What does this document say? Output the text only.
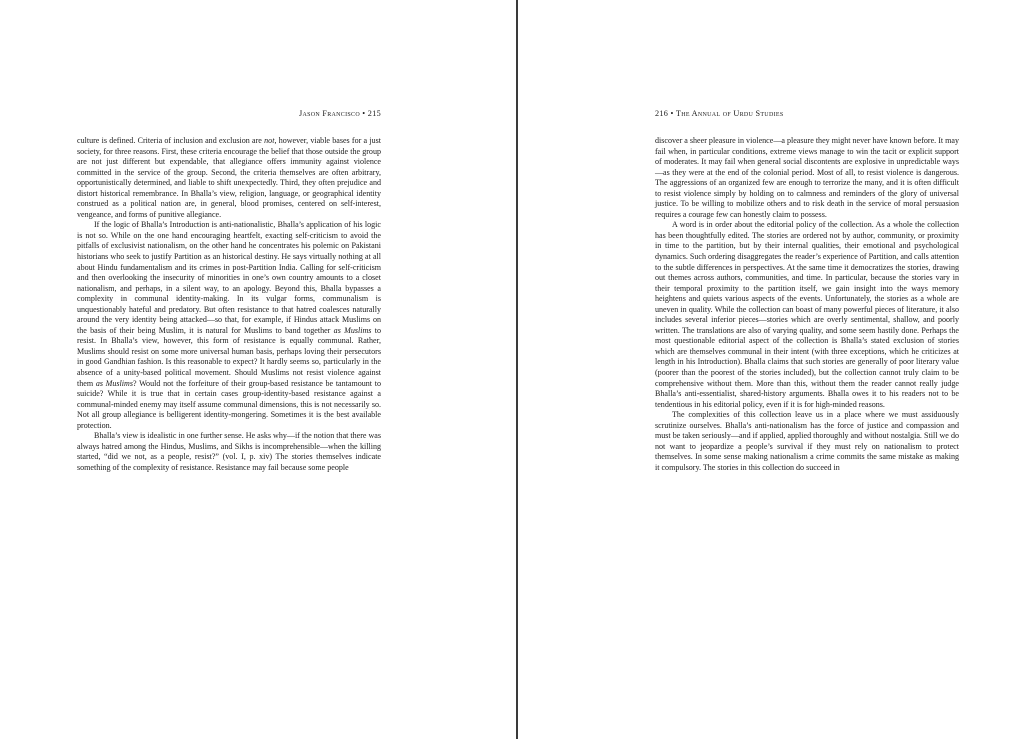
Jason Francisco • 215

culture is defined. Criteria of inclusion and exclusion are not, however, viable bases for a just society, for three reasons. First, these criteria encourage the belief that those outside the group are not just different but expendable, that allegiance offers immunity against violence committed in the service of the group. Second, the criteria themselves are often arbitrary, opportunistically determined, and liable to shift unexpectedly. Third, they often prejudice and distort historical remembrance. In Bhalla’s view, religion, language, or geographical identity construed as a political nation are, in general, blood promises, centered on self-interest, vengeance, and forms of punitive allegiance.

If the logic of Bhalla’s Introduction is anti-nationalistic, Bhalla’s application of his logic is not so. While on the one hand encouraging heartfelt, exacting self-criticism to avoid the pitfalls of exclusivist nationalism, on the other hand he concentrates his polemic on Pakistani historians who seek to justify Partition as an historical destiny. He says virtually nothing at all about Hindu fundamentalism and its crimes in post-Partition India. Calling for self-criticism and then overlooking the insecurity of minorities in one’s own country amounts to a closet nationalism, and perhaps, in a silent way, to an apology. Beyond this, Bhalla bypasses a complexity in communal identity-making. In its vulgar forms, communalism is unquestionably hateful and predatory. But often resistance to that hatred coalesces naturally around the very identity being attacked—so that, for example, if Hindus attack Muslims on the basis of their being Muslim, it is natural for Muslims to band together as Muslims to resist. In Bhalla’s view, however, this form of resistance is equally communal. Rather, Muslims should resist on some more universal human basis, perhaps loving their persecutors in good Gandhian fashion. Is this reasonable to expect? It hardly seems so, particularly in the absence of a unity-based political movement. Should Muslims not resist violence against them as Muslims? Would not the forfeiture of their group-based resistance be tantamount to suicide? While it is true that in certain cases group-identity-based resistance against a communal-minded enemy may itself assume communal dimensions, this is not necessarily so. Not all group allegiance is belligerent identity-mongering. Sometimes it is the best available protection.

Bhalla’s view is idealistic in one further sense. He asks why—if the notion that there was always hatred among the Hindus, Muslims, and Sikhs is incomprehensible—when the killing started, “did we not, as a people, resist?” (vol. I, p. xiv) The stories themselves indicate something of the complexity of resistance. Resistance may fail because some people

216 • The Annual of Urdu Studies

discover a sheer pleasure in violence—a pleasure they might never have known before. It may fail when, in particular conditions, extreme views manage to win the tacit or explicit support of moderates. It may fail when general social discontents are explosive in unpredictable ways—as they were at the end of the colonial period. Most of all, to resist violence is dangerous. The aggressions of an organized few are enough to terrorize the many, and it is often difficult to resist violence simply by holding on to calmness and reminders of the glory of universal justice. To be willing to mobilize others and to risk death in the service of moral persuasion requires a courage few can honestly claim to possess.

A word is in order about the editorial policy of the collection. As a whole the collection has been thoughtfully edited. The stories are ordered not by author, community, or proximity in time to the partition, but by their internal qualities, their emotional and psychological dynamics. Such ordering disaggregates the reader’s experience of Partition, and calls attention to the subtle differences in perspectives. At the same time it democratizes the stories, drawing out themes across authors, communities, and time. In particular, because the stories vary in their temporal proximity to the partition itself, we gain insight into the ways memory heightens and quiets various aspects of the events. Unfortunately, the stories as a whole are uneven in quality. While the collection can boast of many powerful pieces of literature, it also includes several inferior pieces—stories which are overly sentimental, shallow, and poorly written. The translations are also of varying quality, and some seem hastily done. Perhaps the most questionable editorial aspect of the collection is Bhalla’s stated exclusion of stories which are themselves communal in their intent (with three exceptions, which he criticizes at length in his Introduction). Bhalla claims that such stories are generally of poor literary value (poorer than the poorest of the stories included), but the collection cannot truly claim to be comprehensive without them. More than this, without them the reader cannot really judge Bhalla’s anti-essentialist, shared-history arguments. Bhalla owes it to his readers not to be tendentious in his editorial policy, even if it is for high-minded reasons.

The complexities of this collection leave us in a place where we must assiduously scrutinize ourselves. Bhalla’s anti-nationalism has the force of justice and compassion and must be taken seriously—and if applied, applied thoroughly and without nostalgia. Still we do not want to jeopardize a people’s survival if they must rely on nationalism to protect themselves. In some sense making nationalism a crime commits the same mistake as making it compulsory. The stories in this collection do succeed in
